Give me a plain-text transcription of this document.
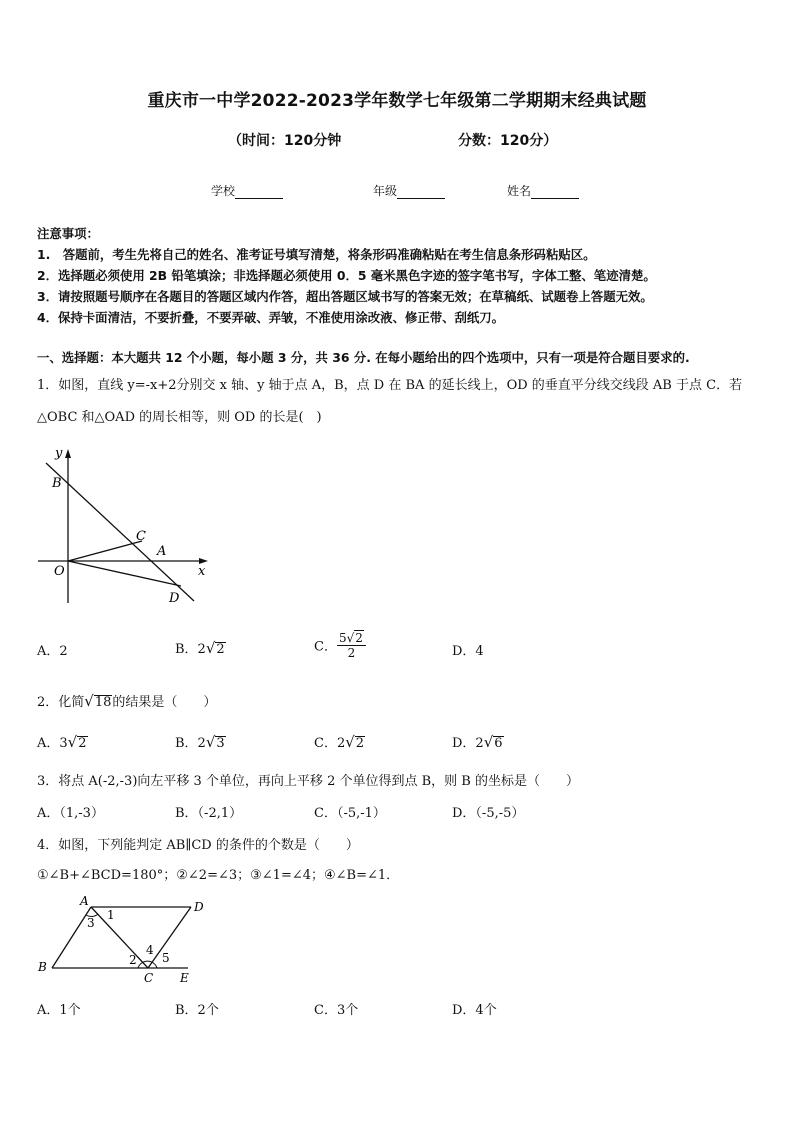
重庆市一中学2022-2023学年数学七年级第二学期期末经典试题
（时间：120分钟	分数：120分）
学校	年级	姓名
注意事项：
1.　答题前，考生先将自己的姓名、准考证号填写清楚，将条形码准确粘贴在考生信息条形码粘贴区。
2．选择题必须使用 2B 铅笔填涂；非选择题必须使用 0．5 毫米黑色字迹的签字笔书写，字体工整、笔迹清楚。
3．请按照题号顺序在各题目的答题区域内作答，超出答题区域书写的答案无效；在草稿纸、试题卷上答题无效。
4．保持卡面清洁，不要折叠，不要弄破、弄皱，不准使用涂改液、修正带、刮纸刀。
一、选择题：本大题共 12 个小题，每小题 3 分，共 36 分. 在每小题给出的四个选项中，只有一项是符合题目要求的.
1．如图，直线 y=-x+2分别交 x 轴、y 轴于点 A，B，点 D 在 BA 的延长线上，OD 的垂直平分线交线段 AB 于点 C．若
△OBC 和△OAD 的周长相等，则 OD 的长是(　)
y
x
B
C
A
O
D
A．2	B．2√2	C． $\frac{5√2}{2}$	D．4
2．化简√18的结果是（　　）
A．3√2	B．2√3	C．2√2	D．2√6
3．将点 A(-2,-3)向左平移 3 个单位，再向上平移 2 个单位得到点 B，则 B 的坐标是（　　）
A．（1,-3）	B．（-2,1）	C．（-5,-1）	D．（-5,-5）
4．如图，下列能判定 AB∥CD 的条件的个数是（　　）
①∠B+∠BCD=180°；②∠2=∠3；③∠1=∠4；④∠B=∠1．
A	D
B
C E
1
3
2
4
5
A．1个	B．2个	C．3个	D．4个
